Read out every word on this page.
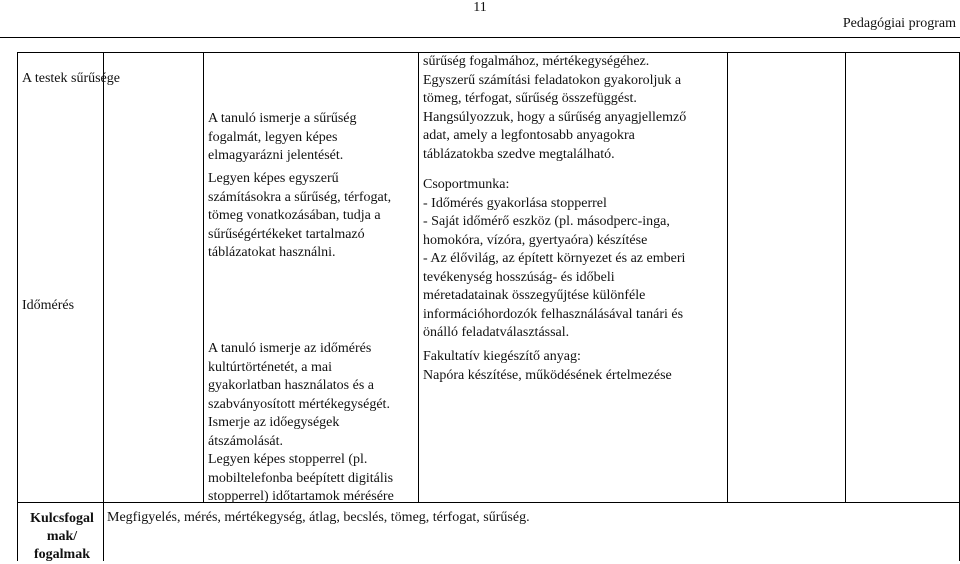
11
Pedagógiai program
A testek sűrűsége
A tanuló ismerje a sűrűség
fogalmát, legyen képes
elmagyarázni jelentését.
sűrűség fogalmához, mértékegységéhez.
Egyszerű számítási feladatokon gyakoroljuk a
tömeg, térfogat, sűrűség összefüggést.
Hangsúlyozzuk, hogy a sűrűség anyagjellemző
adat, amely a legfontosabb anyagokra
táblázatokba szedve megtalálható.
Legyen képes egyszerű
számításokra a sűrűség, térfogat,
tömeg vonatkozásában, tudja a
sűrűségértékeket tartalmazó
táblázatokat használni.
Csoportmunka:
- Időmérés gyakorlása stopperrel
- Saját időmérő eszköz (pl. másodperc-inga,
homokóra, vízóra, gyertyaóra) készítése
- Az élővilág, az épített környezet és az emberi
tevékenység hosszúság- és időbeli
méretadatainak összegyűjtése különféle
információhordozók felhasználásával tanári és
önálló feladatválasztással.
Időmérés
A tanuló ismerje az időmérés
kultúrtörténetét, a mai
gyakorlatban használatos és a
szabványosított mértékegységét.
Ismerje az időegységek
átszámolását.
Legyen képes stopperrel (pl.
mobiltelefonba beépített digitális
stopperrel) időtartamok mérésére
Fakultatív kiegészítő anyag:
Napóra készítése, működésének értelmezése
Kulcsfogal
mak/
fogalmak
Megfigyelés, mérés, mértékegység, átlag, becslés, tömeg, térfogat, sűrűség.
